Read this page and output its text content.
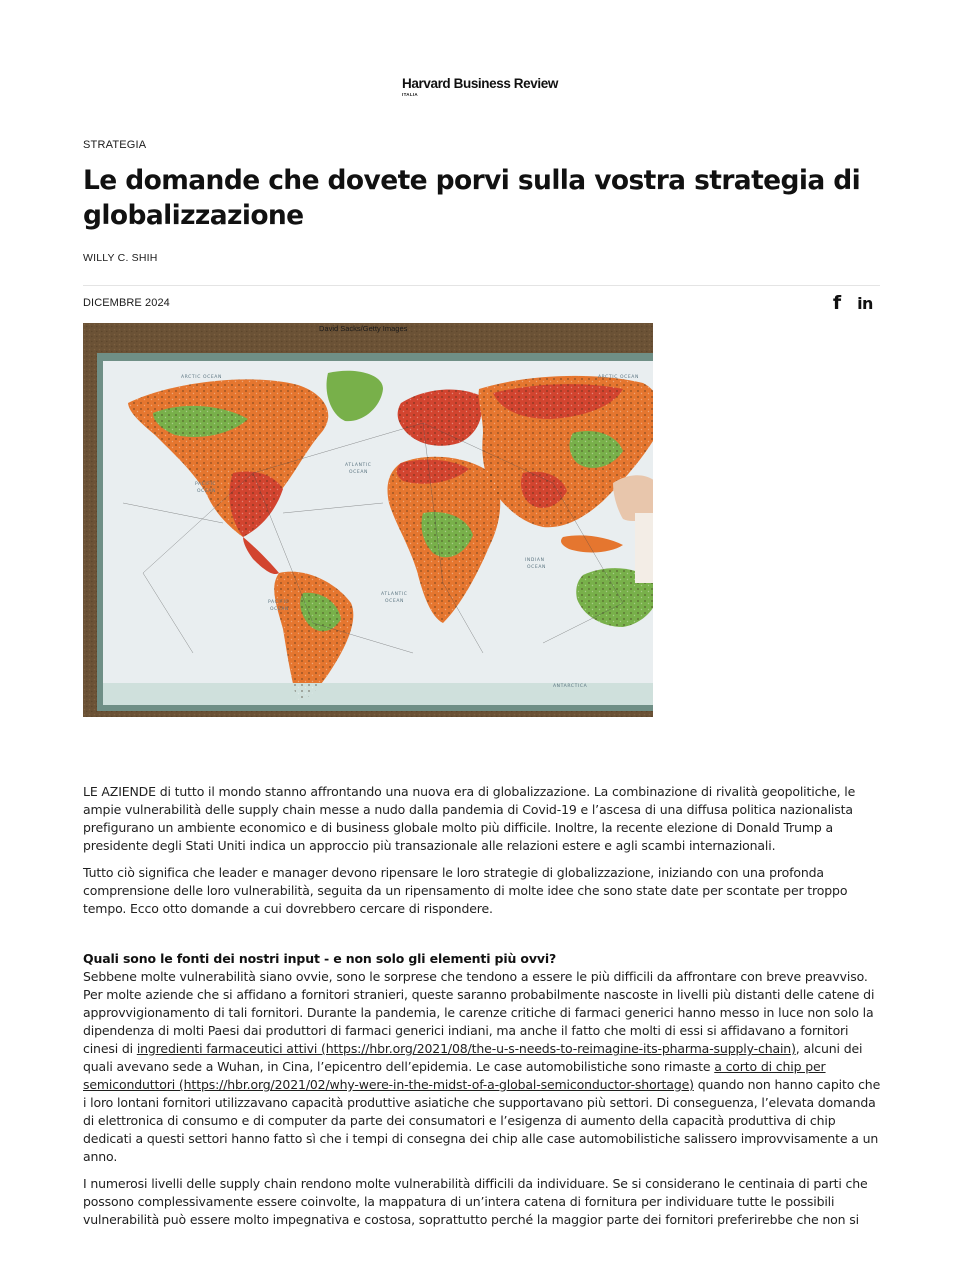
Harvard Business Review
ITALIA
STRATEGIA
Le domande che dovete porvi sulla vostra strategia di globalizzazione
WILLY C. SHIH
DICEMBRE 2024	f in
ARCTIC OCEAN	ARCTIC OCEAN
PACIFIC
OCEAN
ATLANTIC
OCEAN
PACIFIC
OCEAN
ATLANTIC
OCEAN
INDIAN
OCEAN
ANTARCTICA
David Sacks/Getty Images

LE AZIENDE di tutto il mondo stanno affrontando una nuova era di globalizzazione. La combinazione di rivalità geopolitiche, le ampie vulnerabilità delle supply chain messe a nudo dalla pandemia di Covid-19 e l’ascesa di una diffusa politica nazionalista prefigurano un ambiente economico e di business globale molto più difficile. Inoltre, la recente elezione di Donald Trump a presidente degli Stati Uniti indica un approccio più transazionale alle relazioni estere e agli scambi internazionali.

Tutto ciò significa che leader e manager devono ripensare le loro strategie di globalizzazione, iniziando con una profonda comprensione delle loro vulnerabilità, seguita da un ripensamento di molte idee che sono state date per scontate per troppo tempo. Ecco otto domande a cui dovrebbero cercare di rispondere.

Quali sono le fonti dei nostri input - e non solo gli elementi più ovvi?

Sebbene molte vulnerabilità siano ovvie, sono le sorprese che tendono a essere le più difficili da affrontare con breve preavviso. Per molte aziende che si affidano a fornitori stranieri, queste saranno probabilmente nascoste in livelli più distanti delle catene di approvvigionamento di tali fornitori. Durante la pandemia, le carenze critiche di farmaci generici hanno messo in luce non solo la dipendenza di molti Paesi dai produttori di farmaci generici indiani, ma anche il fatto che molti di essi si affidavano a fornitori cinesi di ingredienti farmaceutici attivi (https://hbr.org/2021/08/the-u-s-needs-to-reimagine-its-pharma-supply-chain), alcuni dei quali avevano sede a Wuhan, in Cina, l’epicentro dell’epidemia. Le case automobilistiche sono rimaste a corto di chip per semiconduttori (https://hbr.org/2021/02/why-were-in-the-midst-of-a-global-semiconductor-shortage) quando non hanno capito che i loro lontani fornitori utilizzavano capacità produttive asiatiche che supportavano più settori. Di conseguenza, l’elevata domanda di elettronica di consumo e di computer da parte dei consumatori e l’esigenza di aumento della capacità produttiva di chip dedicati a questi settori hanno fatto sì che i tempi di consegna dei chip alle case automobilistiche salissero improvvisamente a un anno.

I numerosi livelli delle supply chain rendono molte vulnerabilità difficili da individuare. Se si considerano le centinaia di parti che possono complessivamente essere coinvolte, la mappatura di un’intera catena di fornitura per individuare tutte le possibili vulnerabilità può essere molto impegnativa e costosa, soprattutto perché la maggior parte dei fornitori preferirebbe che non si
